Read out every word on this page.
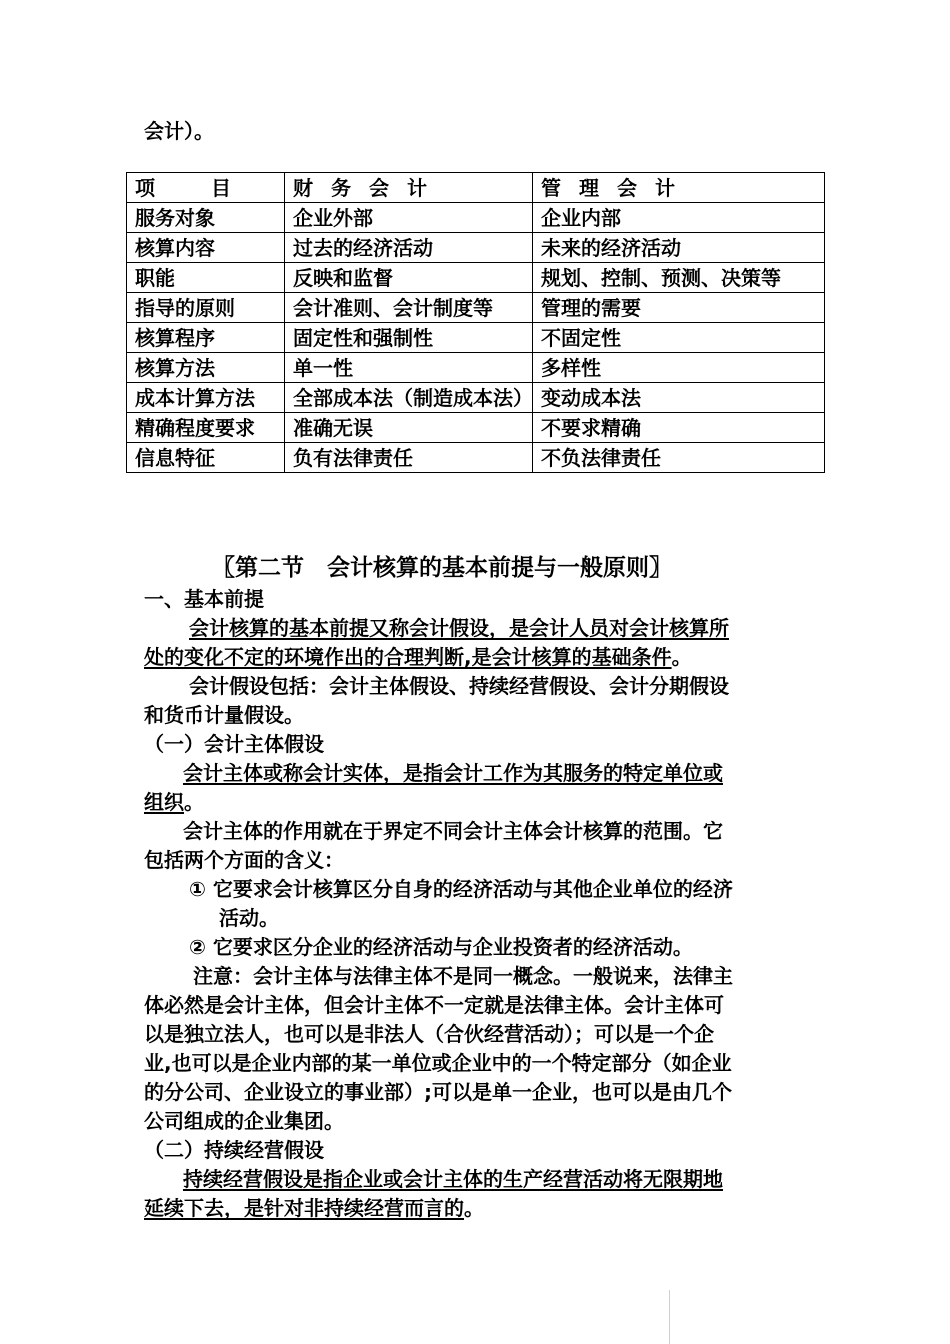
会计）。
项　目	财务会计	管理会计
服务对象	企业外部	企业内部
核算内容	过去的经济活动	未来的经济活动
职能	反映和监督	规划、控制、预测、决策等
指导的原则	会计准则、会计制度等	管理的需要
核算程序	固定性和强制性	不固定性
核算方法	单一性	多样性
成本计算方法	全部成本法（制造成本法）	变动成本法
精确程度要求	准确无误	不要求精确
信息特征	负有法律责任	不负法律责任
〖第二节　会计核算的基本前提与一般原则〗
一、基本前提
会计核算的基本前提又称会计假设，是会计人员对会计核算所
处的变化不定的环境作出的合理判断,是会计核算的基础条件。
会计假设包括：会计主体假设、持续经营假设、会计分期假设
和货币计量假设。
（一）会计主体假设
会计主体或称会计实体，是指会计工作为其服务的特定单位或
组织。
会计主体的作用就在于界定不同会计主体会计核算的范围。它
包括两个方面的含义：
① 它要求会计核算区分自身的经济活动与其他企业单位的经济
活动。
② 它要求区分企业的经济活动与企业投资者的经济活动。
注意：会计主体与法律主体不是同一概念。一般说来，法律主
体必然是会计主体，但会计主体不一定就是法律主体。会计主体可
以是独立法人，也可以是非法人（合伙经营活动）；可以是一个企
业,也可以是企业内部的某一单位或企业中的一个特定部分（如企业
的分公司、企业设立的事业部）;可以是单一企业，也可以是由几个
公司组成的企业集团。
（二）持续经营假设
持续经营假设是指企业或会计主体的生产经营活动将无限期地
延续下去，是针对非持续经营而言的。
